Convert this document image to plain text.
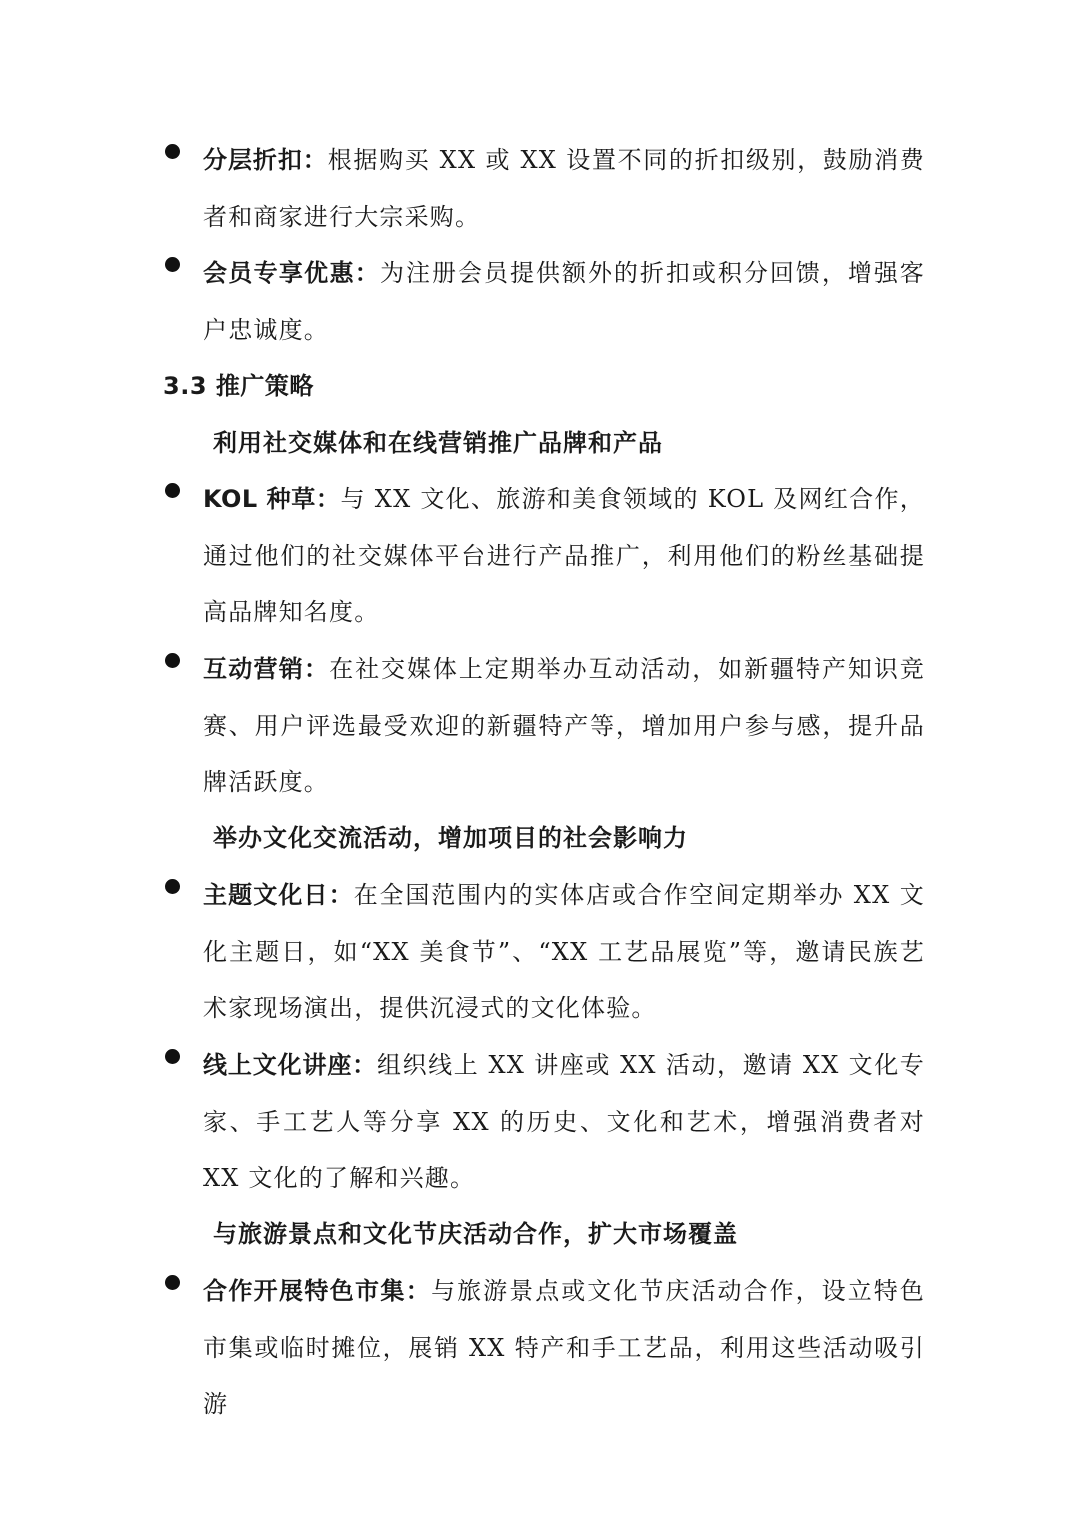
分层折扣：根据购买 XX 或 XX 设置不同的折扣级别，鼓励消费者和商家进行大宗采购。
会员专享优惠：为注册会员提供额外的折扣或积分回馈，增强客户忠诚度。
3.3 推广策略
利用社交媒体和在线营销推广品牌和产品
KOL 种草：与 XX 文化、旅游和美食领域的 KOL 及网红合作，通过他们的社交媒体平台进行产品推广，利用他们的粉丝基础提高品牌知名度。
互动营销：在社交媒体上定期举办互动活动，如新疆特产知识竞赛、用户评选最受欢迎的新疆特产等，增加用户参与感，提升品牌活跃度。
举办文化交流活动，增加项目的社会影响力
主题文化日：在全国范围内的实体店或合作空间定期举办 XX 文化主题日，如“XX 美食节”、“XX 工艺品展览”等，邀请民族艺术家现场演出，提供沉浸式的文化体验。
线上文化讲座：组织线上 XX 讲座或 XX 活动，邀请 XX 文化专家、手工艺人等分享 XX 的历史、文化和艺术，增强消费者对 XX 文化的了解和兴趣。
与旅游景点和文化节庆活动合作，扩大市场覆盖
合作开展特色市集：与旅游景点或文化节庆活动合作，设立特色市集或临时摊位，展销 XX 特产和手工艺品，利用这些活动吸引游
